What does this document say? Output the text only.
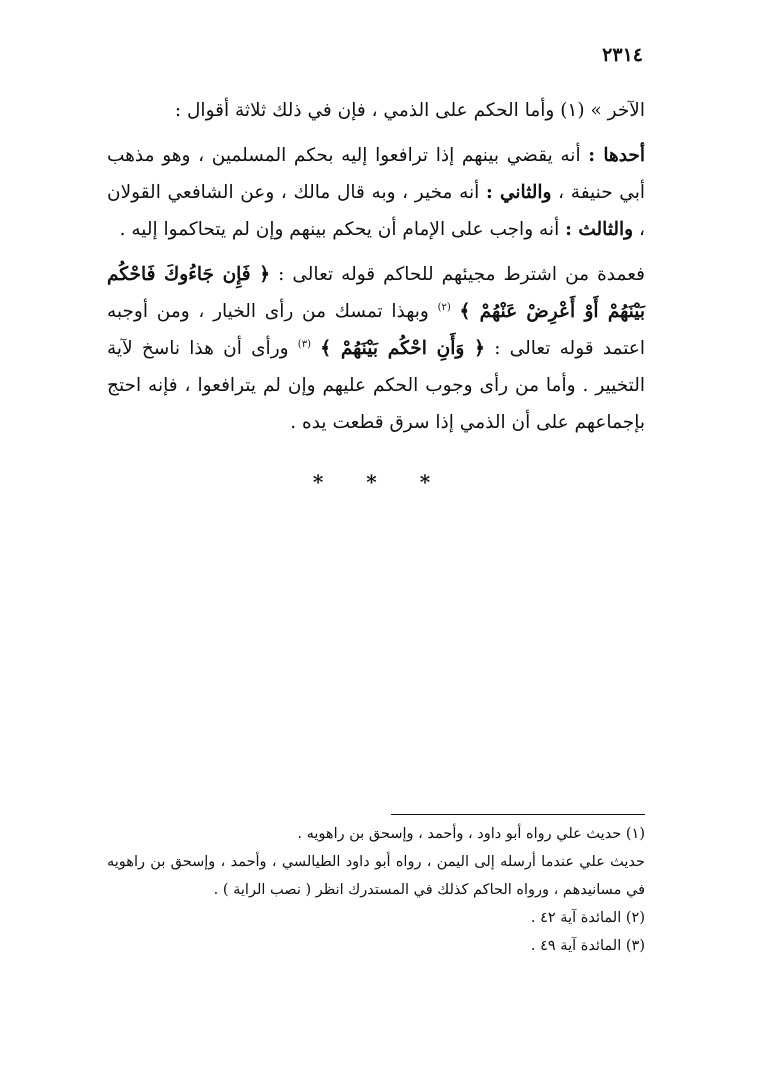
٢٣١٤

الآخر » (١) وأما الحكم على الذمي ، فإن في ذلك ثلاثة أقوال :

أحدها : أنه يقضي بينهم إذا ترافعوا إليه بحكم المسلمين ، وهو مذهب أبي حنيفة ، والثاني : أنه مخير ، وبه قال مالك ، وعن الشافعي القولان ، والثالث : أنه واجب على الإمام أن يحكم بينهم وإن لم يتحاكموا إليه .

فعمدة من اشترط مجيئهم للحاكم قوله تعالى : ﴿ فَإِن جَاءُوكَ فَاحْكُم بَيْنَهُمْ أَوْ أَعْرِضْ عَنْهُمْ ﴾ $^{(٢)}$ وبهذا تمسك من رأى الخيار ، ومن أوجبه اعتمد قوله تعالى : ﴿ وَأَنِ احْكُم بَيْنَهُمْ ﴾ $^{(٣)}$ ورأى أن هذا ناسخ لآية التخيير . وأما من رأى وجوب الحكم عليهم وإن لم يترافعوا ، فإنه احتج بإجماعهم على أن الذمي إذا سرق قطعت يده .

* * *

(١) حديث علي رواه أبو داود ، وأحمد ، وإسحق بن راهويه .

حديث علي عندما أرسله إلى اليمن ، رواه أبو داود الطيالسي ، وأحمد ، وإسحق بن راهويه في مسانيدهم ، ورواه الحاكم كذلك في المستدرك انظر ( نصب الراية ) .

(٢) المائدة آية ٤٢ .

(٣) المائدة آية ٤٩ .
